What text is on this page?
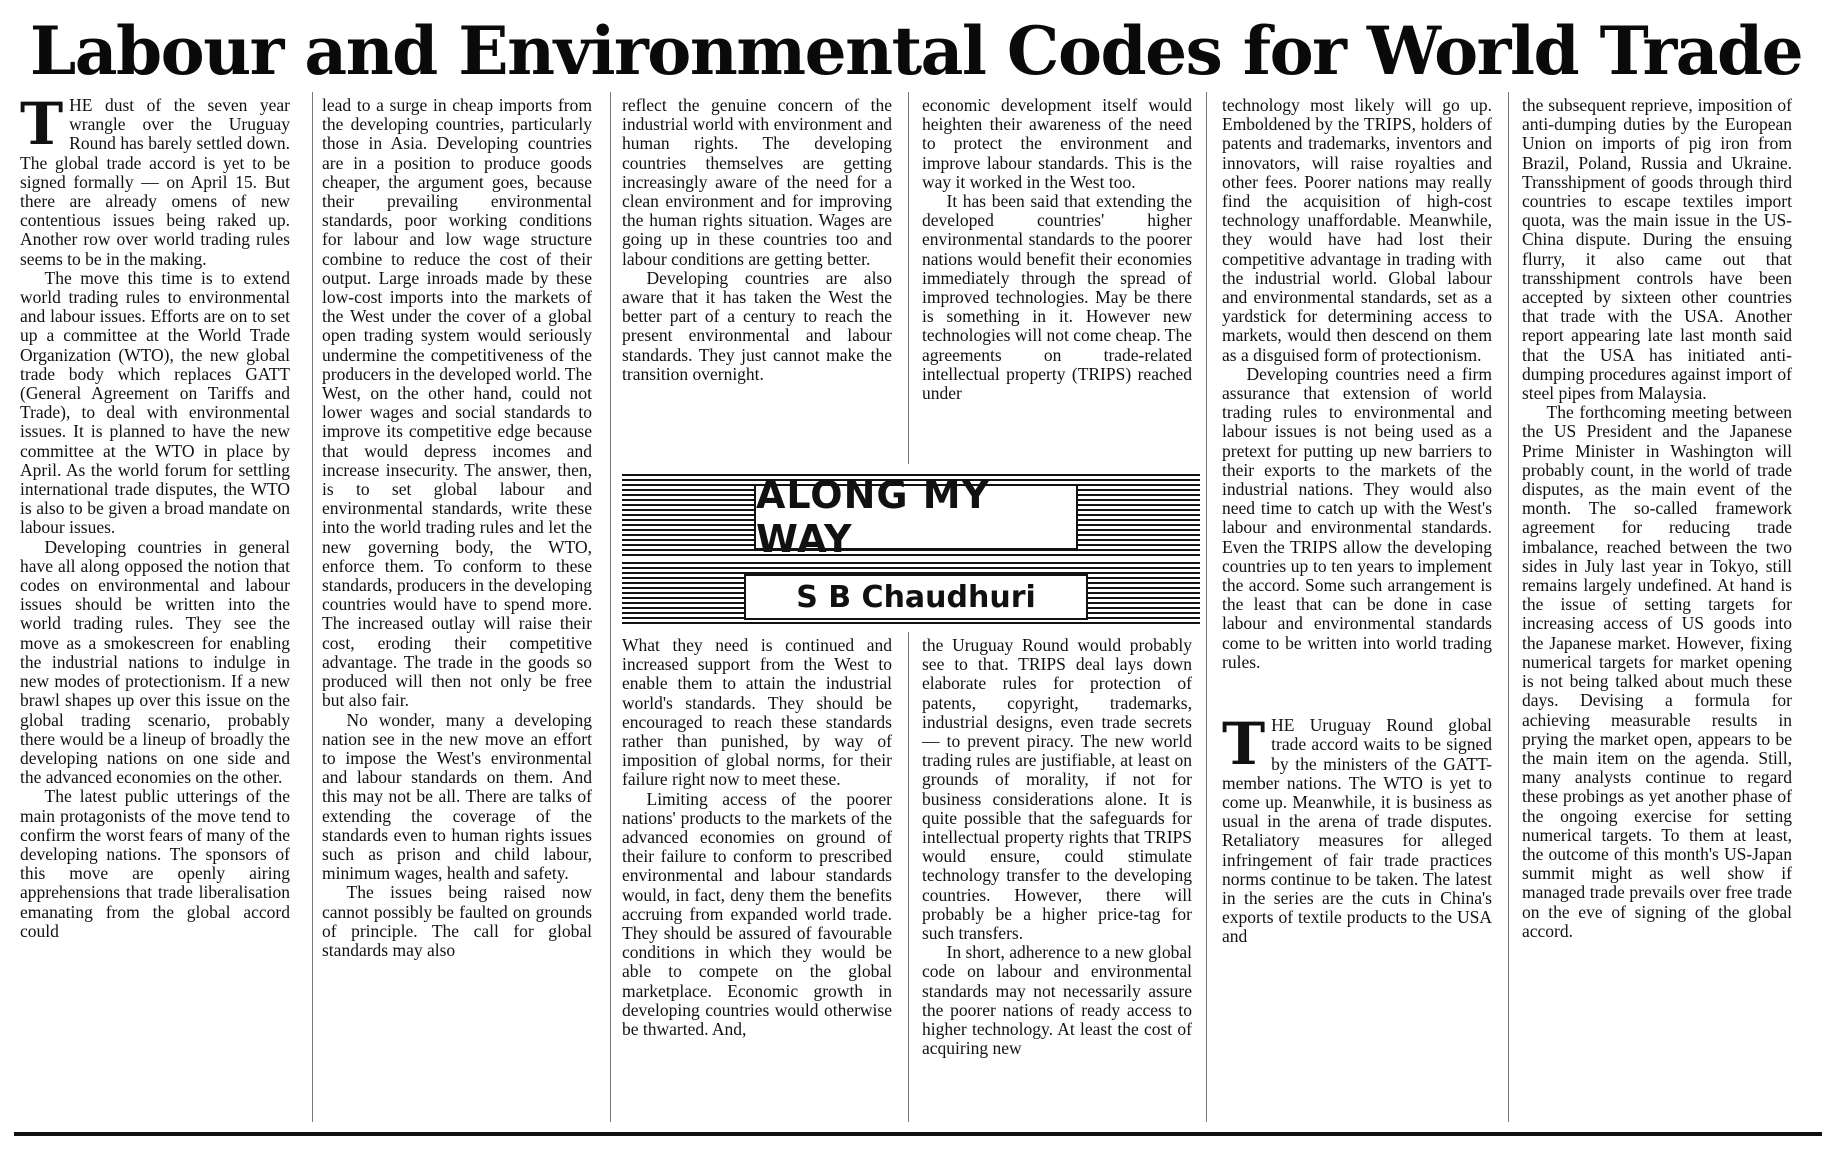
Labour and Environmental Codes for World Trade
T HE dust of the seven year wrangle over the Uruguay Round has barely settled down. The global trade accord is yet to be signed formally — on April 15. But there are already omens of new contentious issues being raked up. Another row over world trading rules seems to be in the making.

The move this time is to extend world trading rules to environmental and labour issues. Efforts are on to set up a committee at the World Trade Organization (WTO), the new global trade body which replaces GATT (General Agreement on Tariffs and Trade), to deal with environmental issues. It is planned to have the new committee at the WTO in place by April. As the world forum for settling international trade disputes, the WTO is also to be given a broad mandate on labour issues.

Developing countries in general have all along opposed the notion that codes on environmental and labour issues should be written into the world trading rules. They see the move as a smokescreen for enabling the industrial nations to indulge in new modes of protectionism. If a new brawl shapes up over this issue on the global trading scenario, probably there would be a lineup of broadly the developing nations on one side and the advanced economies on the other.

The latest public utterings of the main protagonists of the move tend to confirm the worst fears of many of the developing nations. The sponsors of this move are openly airing apprehensions that trade liberalisation emanating from the global accord could

lead to a surge in cheap imports from the developing countries, particularly those in Asia. Developing countries are in a position to produce goods cheaper, the argument goes, because their prevailing environmental standards, poor working conditions for labour and low wage structure combine to reduce the cost of their output. Large inroads made by these low-cost imports into the markets of the West under the cover of a global open trading system would seriously undermine the competitiveness of the producers in the developed world. The West, on the other hand, could not lower wages and social standards to improve its competitive edge because that would depress incomes and increase insecurity. The answer, then, is to set global labour and environmental standards, write these into the world trading rules and let the new governing body, the WTO, enforce them. To conform to these standards, producers in the developing countries would have to spend more. The increased outlay will raise their cost, eroding their competitive advantage. The trade in the goods so produced will then not only be free but also fair.

No wonder, many a developing nation see in the new move an effort to impose the West's environmental and labour standards on them. And this may not be all. There are talks of extending the coverage of the standards even to human rights issues such as prison and child labour, minimum wages, health and safety.

The issues being raised now cannot possibly be faulted on grounds of principle. The call for global standards may also

reflect the genuine concern of the industrial world with environment and human rights. The developing countries themselves are getting increasingly aware of the need for a clean environment and for improving the human rights situation. Wages are going up in these countries too and labour conditions are getting better.

Developing countries are also aware that it has taken the West the better part of a century to reach the present environmental and labour standards. They just cannot make the transition overnight.

economic development itself would heighten their awareness of the need to protect the environment and improve labour standards. This is the way it worked in the West too.

It has been said that extending the developed countries' higher environmental standards to the poorer nations would benefit their economies immediately through the spread of improved technologies. May be there is something in it. However new technologies will not come cheap. The agreements on trade-related intellectual property (TRIPS) reached under

ALONG MY WAY
S B Chaudhuri

What they need is continued and increased support from the West to enable them to attain the industrial world's standards. They should be encouraged to reach these standards rather than punished, by way of imposition of global norms, for their failure right now to meet these.

Limiting access of the poorer nations' products to the markets of the advanced economies on ground of their failure to conform to prescribed environmental and labour standards would, in fact, deny them the benefits accruing from expanded world trade. They should be assured of favourable conditions in which they would be able to compete on the global marketplace. Economic growth in developing countries would otherwise be thwarted. And,

the Uruguay Round would probably see to that. TRIPS deal lays down elaborate rules for protection of patents, copyright, trademarks, industrial designs, even trade secrets — to prevent piracy. The new world trading rules are justifiable, at least on grounds of morality, if not for business considerations alone. It is quite possible that the safeguards for intellectual property rights that TRIPS would ensure, could stimulate technology transfer to the developing countries. However, there will probably be a higher price-tag for such transfers.

In short, adherence to a new global code on labour and environmental standards may not necessarily assure the poorer nations of ready access to higher technology. At least the cost of acquiring new

technology most likely will go up. Emboldened by the TRIPS, holders of patents and trademarks, inventors and innovators, will raise royalties and other fees. Poorer nations may really find the acquisition of high-cost technology unaffordable. Meanwhile, they would have had lost their competitive advantage in trading with the industrial world. Global labour and environmental standards, set as a yardstick for determining access to markets, would then descend on them as a disguised form of protectionism.

Developing countries need a firm assurance that extension of world trading rules to environmental and labour issues is not being used as a pretext for putting up new barriers to their exports to the markets of the industrial nations. They would also need time to catch up with the West's labour and environmental standards. Even the TRIPS allow the developing countries up to ten years to implement the accord. Some such arrangement is the least that can be done in case labour and environmental standards come to be written into world trading rules.

T HE Uruguay Round global trade accord waits to be signed by the ministers of the GATT-member nations. The WTO is yet to come up. Meanwhile, it is business as usual in the arena of trade disputes. Retaliatory measures for alleged infringement of fair trade practices norms continue to be taken. The latest in the series are the cuts in China's exports of textile products to the USA and

the subsequent reprieve, imposition of anti-dumping duties by the European Union on imports of pig iron from Brazil, Poland, Russia and Ukraine. Transshipment of goods through third countries to escape textiles import quota, was the main issue in the US-China dispute. During the ensuing flurry, it also came out that transshipment controls have been accepted by sixteen other countries that trade with the USA. Another report appearing late last month said that the USA has initiated anti-dumping procedures against import of steel pipes from Malaysia.

The forthcoming meeting between the US President and the Japanese Prime Minister in Washington will probably count, in the world of trade disputes, as the main event of the month. The so-called framework agreement for reducing trade imbalance, reached between the two sides in July last year in Tokyo, still remains largely undefined. At hand is the issue of setting targets for increasing access of US goods into the Japanese market. However, fixing numerical targets for market opening is not being talked about much these days. Devising a formula for achieving measurable results in prying the market open, appears to be the main item on the agenda. Still, many analysts continue to regard these probings as yet another phase of the ongoing exercise for setting numerical targets. To them at least, the outcome of this month's US-Japan summit might as well show if managed trade prevails over free trade on the eve of signing of the global accord.
